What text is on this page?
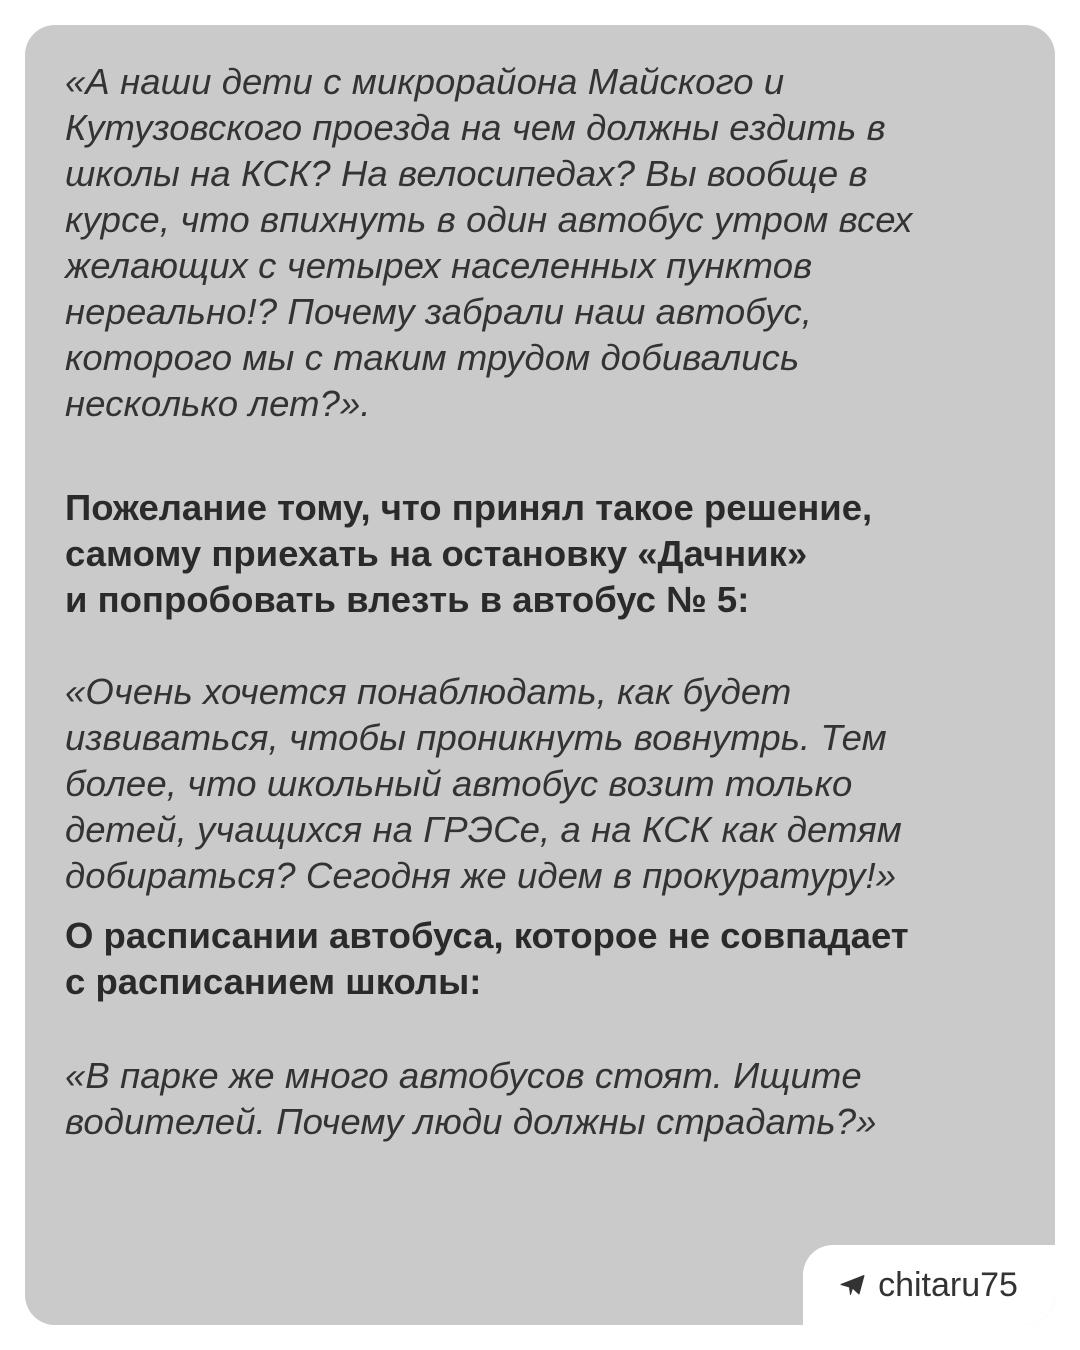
«А наши дети с микрорайона Майского и
Кутузовского проезда на чем должны ездить в
школы на КСК? На велосипедах? Вы вообще в
курсе, что впихнуть в один автобус утром всех
желающих с четырех населенных пунктов
нереально!? Почему забрали наш автобус,
которого мы с таким трудом добивались
несколько лет?».

Пожелание тому, что принял такое решение,
самому приехать на остановку «Дачник»
и попробовать влезть в автобус № 5:

«Очень хочется понаблюдать, как будет
извиваться, чтобы проникнуть вовнутрь. Тем
более, что школьный автобус возит только
детей, учащихся на ГРЭСе, а на КСК как детям
добираться? Сегодня же идем в прокуратуру!»

О расписании автобуса, которое не совпадает
с расписанием школы:

«В парке же много автобусов стоят. Ищите
водителей. Почему люди должны страдать?»

chitaru75
